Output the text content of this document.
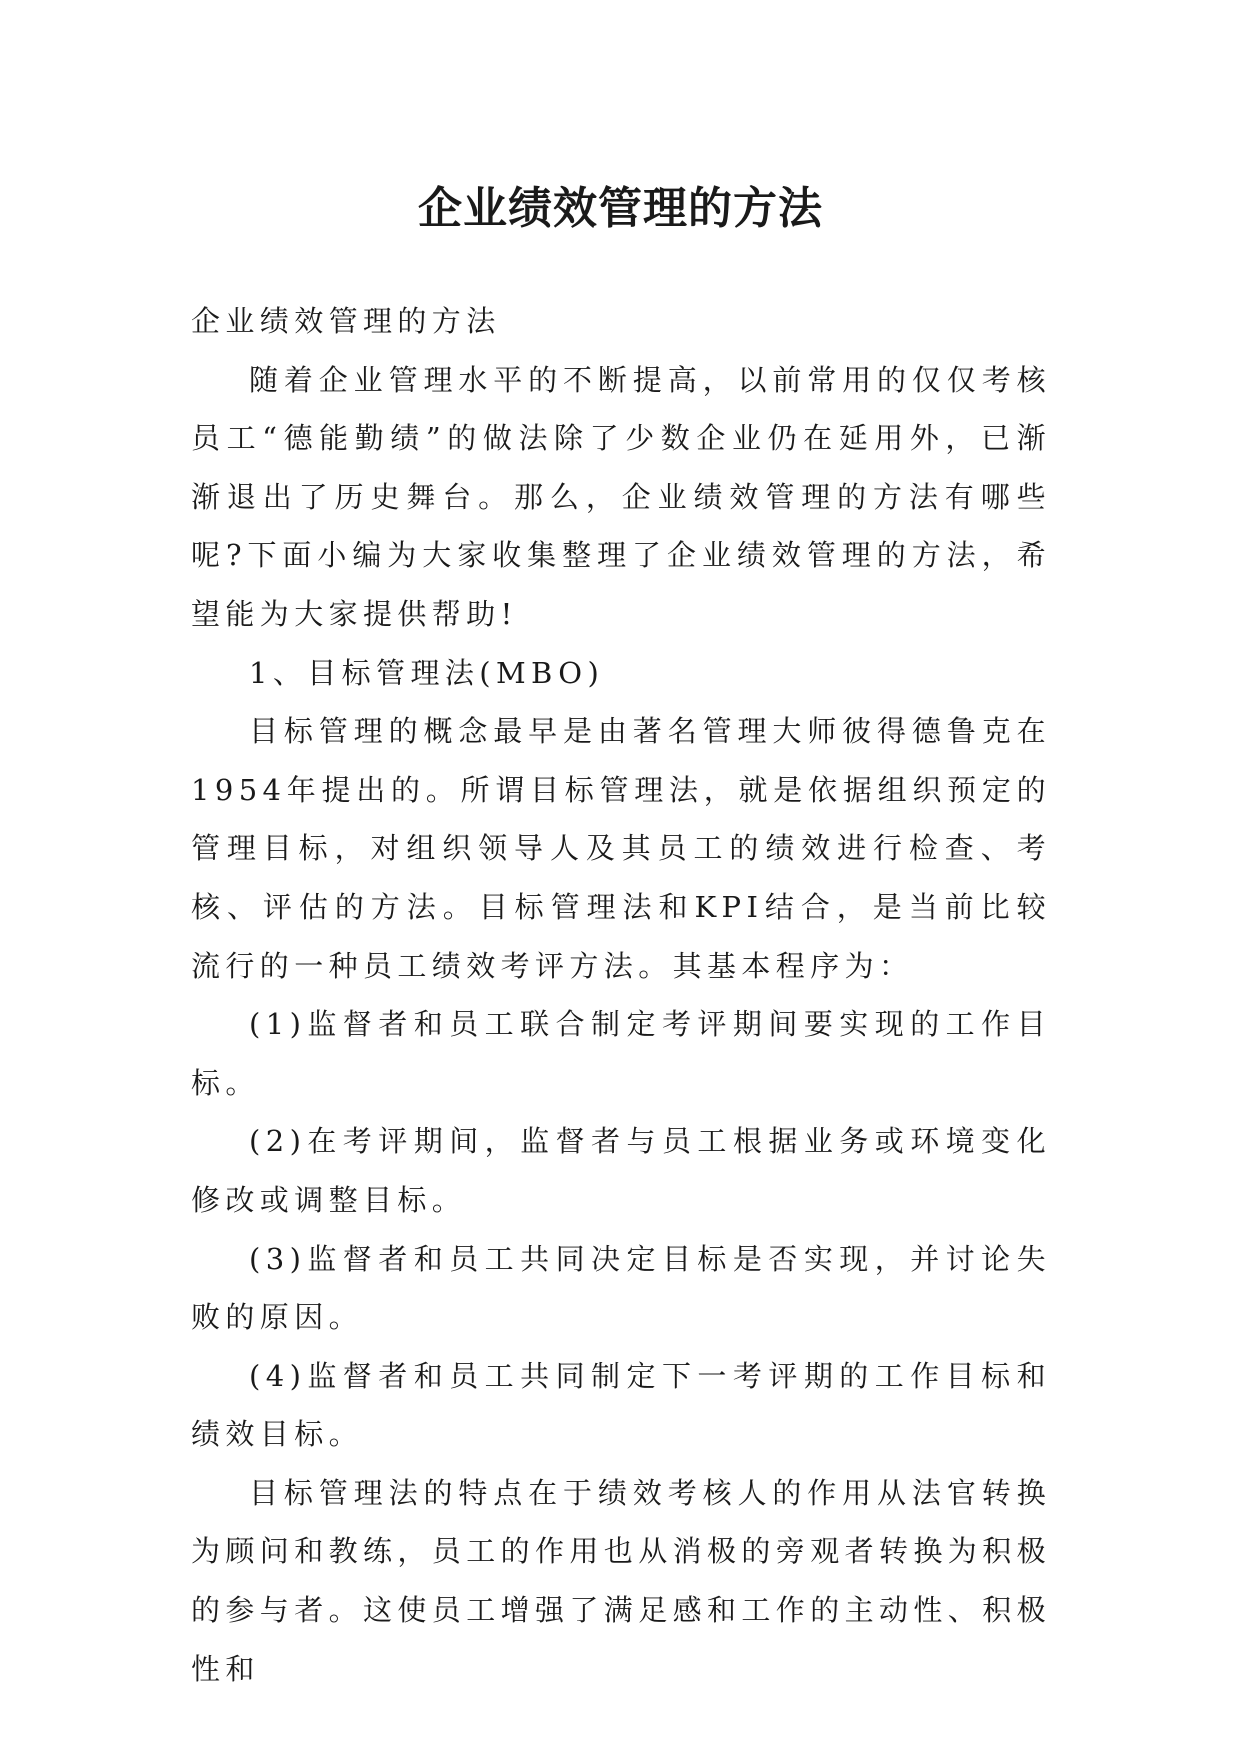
企业绩效管理的方法

企业绩效管理的方法

随着企业管理水平的不断提高，以前常用的仅仅考核员工“德能勤绩”的做法除了少数企业仍在延用外，已渐渐退出了历史舞台。那么，企业绩效管理的方法有哪些呢?下面小编为大家收集整理了企业绩效管理的方法，希望能为大家提供帮助!

1、目标管理法(MBO)

目标管理的概念最早是由著名管理大师彼得德鲁克在1954年提出的。所谓目标管理法，就是依据组织预定的管理目标，对组织领导人及其员工的绩效进行检查、考核、评估的方法。目标管理法和KPI结合，是当前比较流行的一种员工绩效考评方法。其基本程序为：

(1)监督者和员工联合制定考评期间要实现的工作目标。

(2)在考评期间，监督者与员工根据业务或环境变化修改或调整目标。

(3)监督者和员工共同决定目标是否实现，并讨论失败的原因。

(4)监督者和员工共同制定下一考评期的工作目标和绩效目标。

目标管理法的特点在于绩效考核人的作用从法官转换为顾问和教练，员工的作用也从消极的旁观者转换为积极的参与者。这使员工增强了满足感和工作的主动性、积极性和
